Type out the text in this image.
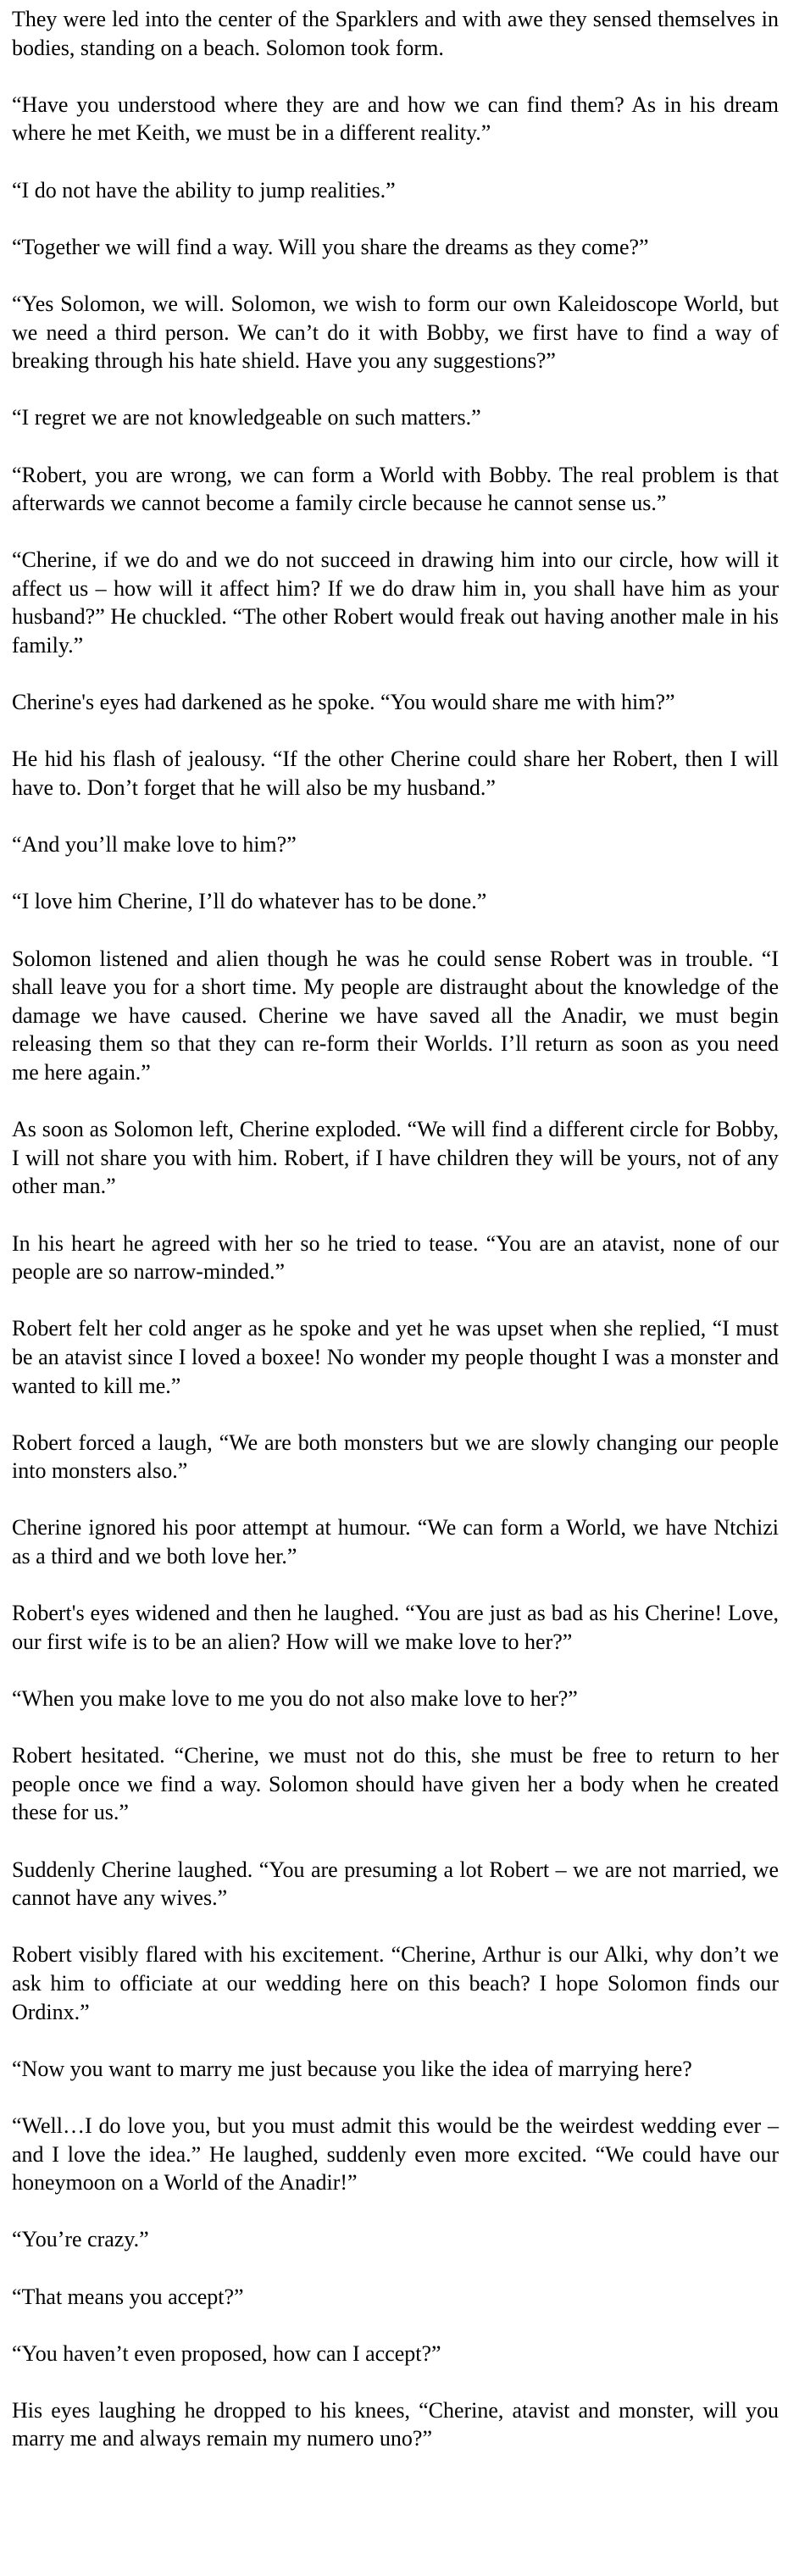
They were led into the center of the Sparklers and with awe they sensed themselves in bodies, standing on a beach. Solomon took form.

“Have you understood where they are and how we can find them? As in his dream where he met Keith, we must be in a different reality.”

“I do not have the ability to jump realities.”

“Together we will find a way. Will you share the dreams as they come?”

“Yes Solomon, we will. Solomon, we wish to form our own Kaleidoscope World, but we need a third person. We can’t do it with Bobby, we first have to find a way of breaking through his hate shield. Have you any suggestions?”

“I regret we are not knowledgeable on such matters.”

“Robert, you are wrong, we can form a World with Bobby. The real problem is that afterwards we cannot become a family circle because he cannot sense us.”

“Cherine, if we do and we do not succeed in drawing him into our circle, how will it affect us – how will it affect him? If we do draw him in, you shall have him as your husband?” He chuckled. “The other Robert would freak out having another male in his family.”

Cherine's eyes had darkened as he spoke. “You would share me with him?”

He hid his flash of jealousy. “If the other Cherine could share her Robert, then I will have to. Don’t forget that he will also be my husband.”

“And you’ll make love to him?”

“I love him Cherine, I’ll do whatever has to be done.”

Solomon listened and alien though he was he could sense Robert was in trouble. “I shall leave you for a short time. My people are distraught about the knowledge of the damage we have caused. Cherine we have saved all the Anadir, we must begin releasing them so that they can re-form their Worlds. I’ll return as soon as you need me here again.”

As soon as Solomon left, Cherine exploded. “We will find a different circle for Bobby, I will not share you with him. Robert, if I have children they will be yours, not of any other man.”

In his heart he agreed with her so he tried to tease. “You are an atavist, none of our people are so narrow-minded.”

Robert felt her cold anger as he spoke and yet he was upset when she replied, “I must be an atavist since I loved a boxee! No wonder my people thought I was a monster and wanted to kill me.”

Robert forced a laugh, “We are both monsters but we are slowly changing our people into monsters also.”

Cherine ignored his poor attempt at humour. “We can form a World, we have Ntchizi as a third and we both love her.”

Robert's eyes widened and then he laughed. “You are just as bad as his Cherine! Love, our first wife is to be an alien? How will we make love to her?”

“When you make love to me you do not also make love to her?”

Robert hesitated. “Cherine, we must not do this, she must be free to return to her people once we find a way. Solomon should have given her a body when he created these for us.”

Suddenly Cherine laughed. “You are presuming a lot Robert – we are not married, we cannot have any wives.”

Robert visibly flared with his excitement. “Cherine, Arthur is our Alki, why don’t we ask him to officiate at our wedding here on this beach? I hope Solomon finds our Ordinx.”

“Now you want to marry me just because you like the idea of marrying here?

“Well…I do love you, but you must admit this would be the weirdest wedding ever – and I love the idea.” He laughed, suddenly even more excited. “We could have our honeymoon on a World of the Anadir!”

“You’re crazy.”

“That means you accept?”

“You haven’t even proposed, how can I accept?”

His eyes laughing he dropped to his knees, “Cherine, atavist and monster, will you marry me and always remain my numero uno?”
